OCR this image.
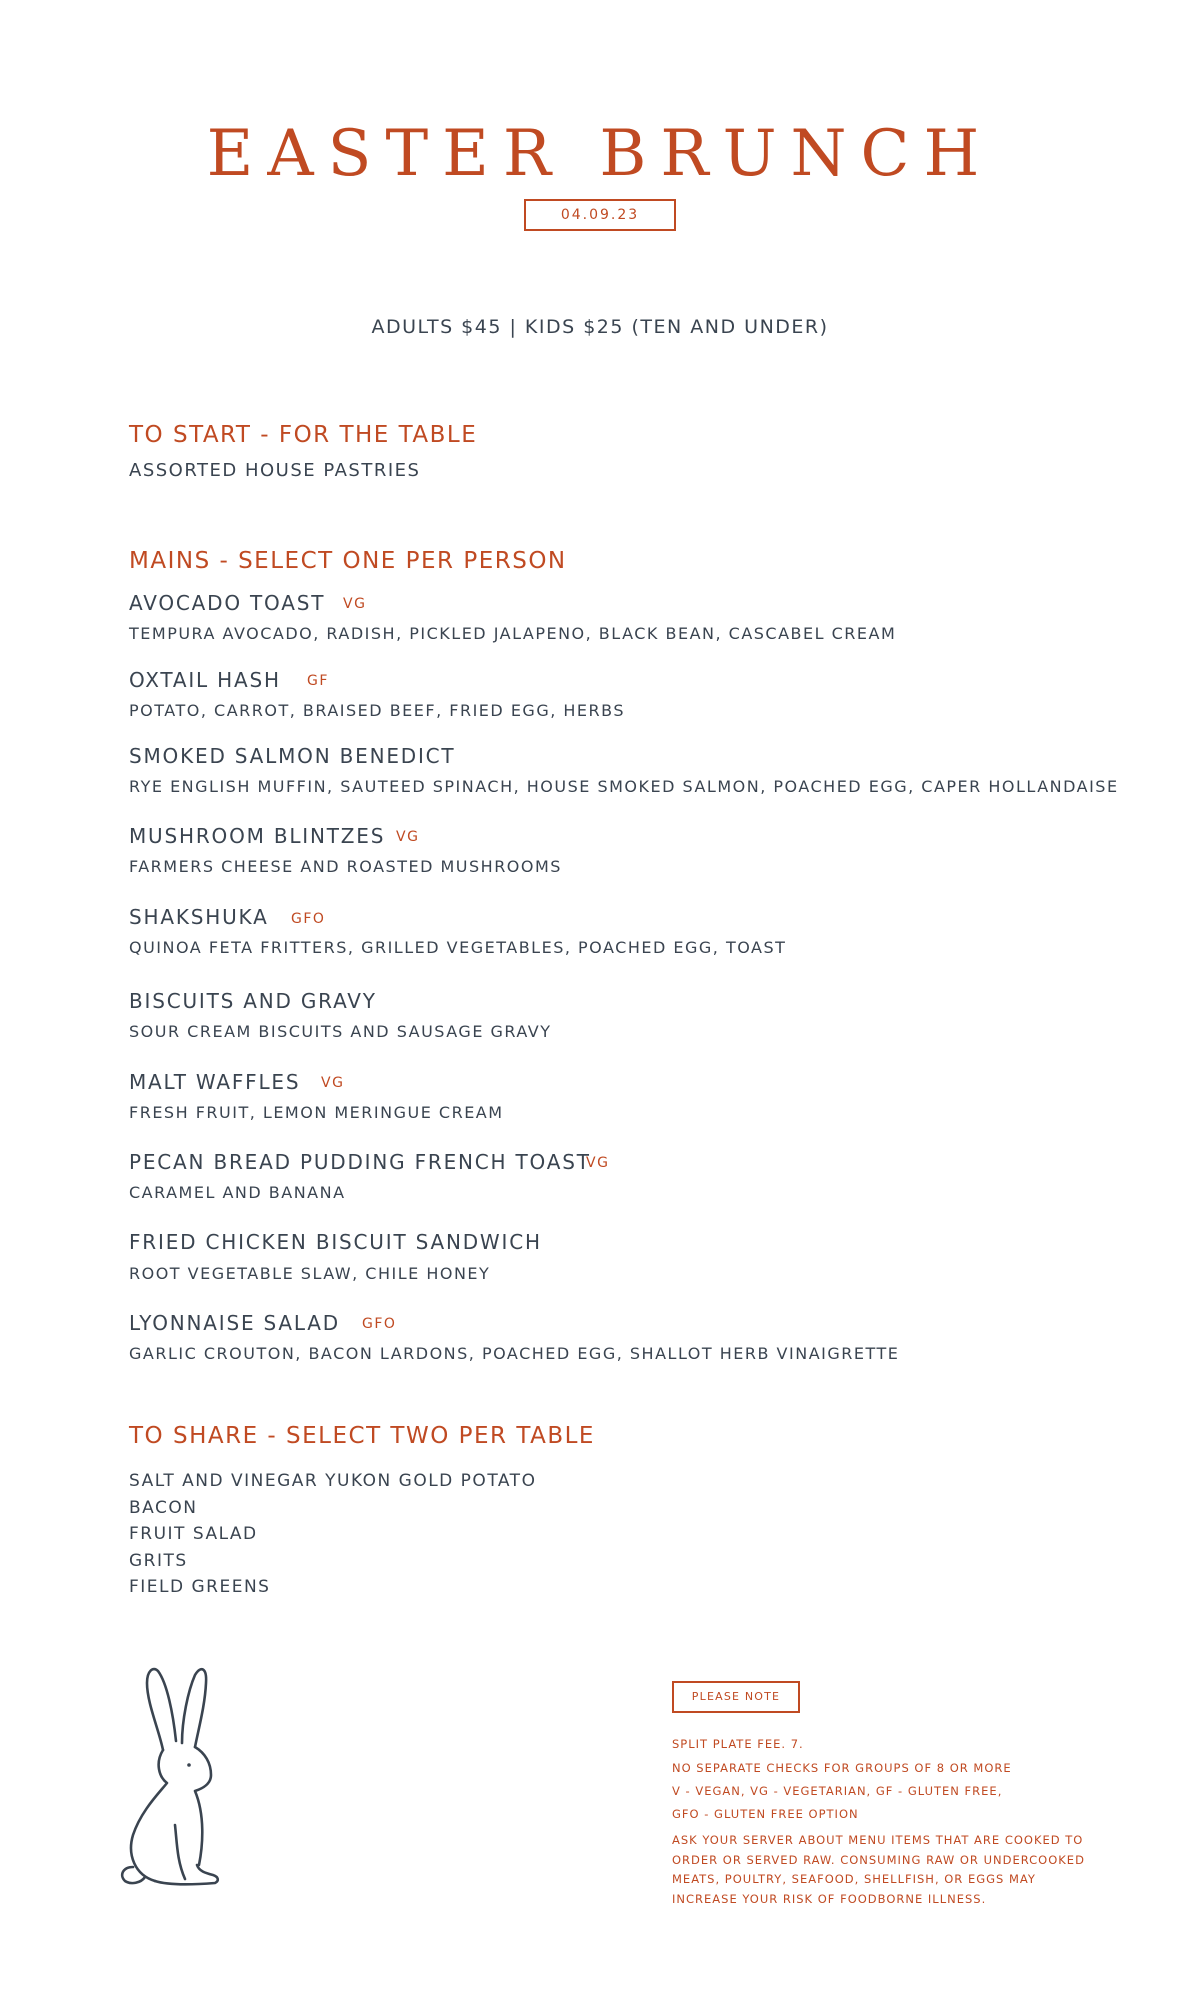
EASTER BRUNCH
04.09.23
ADULTS $45 | KIDS $25 (TEN AND UNDER)
TO START - FOR THE TABLE
ASSORTED HOUSE PASTRIES
MAINS - SELECT ONE PER PERSON
AVOCADO TOAST VG
TEMPURA AVOCADO, RADISH, PICKLED JALAPENO, BLACK BEAN, CASCABEL CREAM
OXTAIL HASH GF
POTATO, CARROT, BRAISED BEEF, FRIED EGG, HERBS
SMOKED SALMON BENEDICT
RYE ENGLISH MUFFIN, SAUTEED SPINACH, HOUSE SMOKED SALMON, POACHED EGG, CAPER HOLLANDAISE
MUSHROOM BLINTZES VG
FARMERS CHEESE AND ROASTED MUSHROOMS
SHAKSHUKA GFO
QUINOA FETA FRITTERS, GRILLED VEGETABLES, POACHED EGG, TOAST
BISCUITS AND GRAVY
SOUR CREAM BISCUITS AND SAUSAGE GRAVY
MALT WAFFLES VG
FRESH FRUIT, LEMON MERINGUE CREAM
PECAN BREAD PUDDING FRENCH TOAST
VG
CARAMEL AND BANANA
FRIED CHICKEN BISCUIT SANDWICH
ROOT VEGETABLE SLAW, CHILE HONEY
LYONNAISE SALAD GFO
GARLIC CROUTON, BACON LARDONS, POACHED EGG, SHALLOT HERB VINAIGRETTE
TO SHARE - SELECT TWO PER TABLE
SALT AND VINEGAR YUKON GOLD POTATO
BACON
FRUIT SALAD
GRITS
FIELD GREENS
PLEASE NOTE
SPLIT PLATE FEE. 7.
NO SEPARATE CHECKS FOR GROUPS OF 8 OR MORE
V - VEGAN, VG - VEGETARIAN, GF - GLUTEN FREE,
GFO - GLUTEN FREE OPTION

ASK YOUR SERVER ABOUT MENU ITEMS THAT ARE COOKED TO ORDER OR SERVED RAW. CONSUMING RAW OR UNDERCOOKED MEATS, POULTRY, SEAFOOD, SHELLFISH, OR EGGS MAY INCREASE YOUR RISK OF FOODBORNE ILLNESS.
